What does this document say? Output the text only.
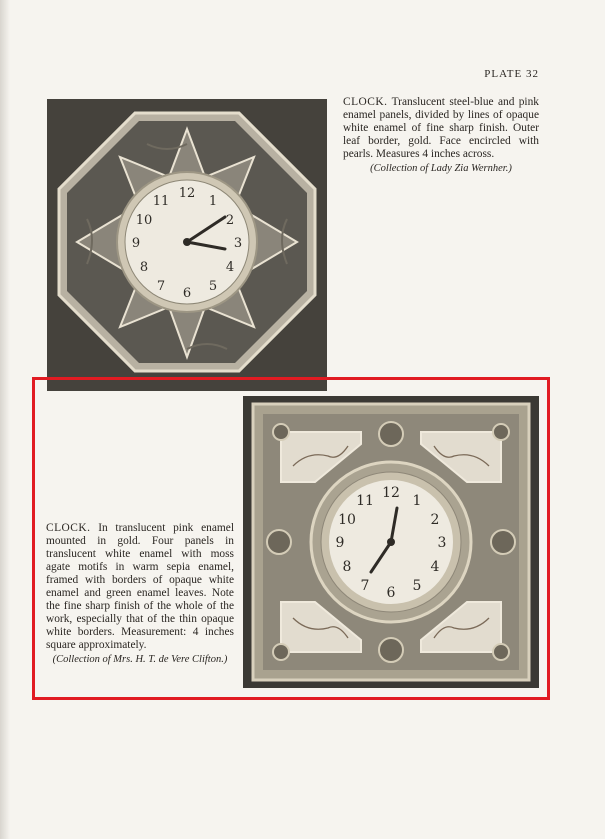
PLATE 32
12
1
2
3
4
5
6
7
8
9
10
11
CLOCK. Translucent steel-blue and pink enamel panels, divided by lines of opaque white enamel of fine sharp finish. Outer leaf border, gold. Face encircled with pearls. Measures 4 inches across.
(Collection of Lady Zia Wernher.)
12 1
2
3
4
5
6
7
8
9
10
11
CLOCK. In translucent pink enamel mounted in gold. Four panels in translucent white enamel with moss agate motifs in warm sepia enamel, framed with borders of opaque white enamel and green enamel leaves. Note the fine sharp finish of the whole of the work, especially that of the thin opaque white borders. Measurement: 4 inches square approximately.
(Collection of Mrs. H. T. de Vere Clifton.)
